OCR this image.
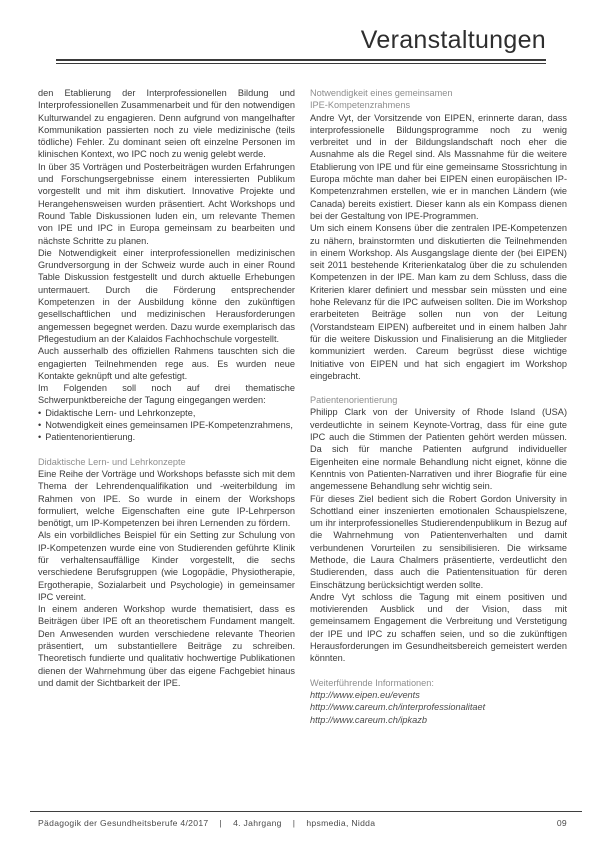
Veranstaltungen

den Etablierung der Interprofessionellen Bildung und Interprofessionellen Zusammenarbeit und für den notwendigen Kulturwandel zu engagieren. Denn aufgrund von mangelhafter Kommunikation passierten noch zu viele medizinische (teils tödliche) Fehler. Zu dominant seien oft einzelne Personen im klinischen Kontext, wo IPC noch zu wenig gelebt werde.

In über 35 Vorträgen und Posterbeiträgen wurden Erfahrungen und Forschungsergebnisse einem interessierten Publikum vorgestellt und mit ihm diskutiert. Innovative Projekte und Herangehensweisen wurden präsentiert. Acht Workshops und Round Table Diskussionen luden ein, um relevante Themen von IPE und IPC in Europa gemeinsam zu bearbeiten und nächste Schritte zu planen.

Die Notwendigkeit einer interprofessionellen medizinischen Grundversorgung in der Schweiz wurde auch in einer Round Table Diskussion festgestellt und durch aktuelle Erhebungen untermauert. Durch die Förderung entsprechender Kompetenzen in der Ausbildung könne den zukünftigen gesellschaftlichen und medizinischen Herausforderungen angemessen begegnet werden. Dazu wurde exemplarisch das Pflegestudium an der Kalaidos Fachhochschule vorgestellt.

Auch ausserhalb des offiziellen Rahmens tauschten sich die engagierten Teilnehmenden rege aus. Es wurden neue Kontakte geknüpft und alte gefestigt.

Im Folgenden soll noch auf drei thematische Schwerpunktbereiche der Tagung eingegangen werden:

• Didaktische Lern- und Lehrkonzepte,
• Notwendigkeit eines gemeinsamen IPE-Kompetenzrahmens,
• Patientenorientierung.
Didaktische Lern- und Lehrkonzepte

Eine Reihe der Vorträge und Workshops befasste sich mit dem Thema der Lehrendenqualifikation und -weiterbildung im Rahmen von IPE. So wurde in einem der Workshops formuliert, welche Eigenschaften eine gute IP-Lehrperson benötigt, um IP-Kompetenzen bei ihren Lernenden zu fördern.

Als ein vorbildliches Beispiel für ein Setting zur Schulung von IP-Kompetenzen wurde eine von Studierenden geführte Klinik für verhaltensauffällige Kinder vorgestellt, die sechs verschiedene Berufsgruppen (wie Logopädie, Physiotherapie, Ergotherapie, Sozialarbeit und Psychologie) in gemeinsamer IPC vereint.

In einem anderen Workshop wurde thematisiert, dass es Beiträgen über IPE oft an theoretischem Fundament mangelt. Den Anwesenden wurden verschiedene relevante Theorien präsentiert, um substantiellere Beiträge zu schreiben. Theoretisch fundierte und qualitativ hochwertige Publikationen dienen der Wahrnehmung über das eigene Fachgebiet hinaus und damit der Sichtbarkeit der IPE.

Notwendigkeit eines gemeinsamen
IPE-Kompetenzrahmens

Andre Vyt, der Vorsitzende von EIPEN, erinnerte daran, dass interprofessionelle Bildungsprogramme noch zu wenig verbreitet und in der Bildungslandschaft noch eher die Ausnahme als die Regel sind. Als Massnahme für die weitere Etablierung von IPE und für eine gemeinsame Stossrichtung in Europa möchte man daher bei EIPEN einen europäischen IP-Kompetenzrahmen erstellen, wie er in manchen Ländern (wie Canada) bereits existiert. Dieser kann als ein Kompass dienen bei der Gestaltung von IPE-Programmen.

Um sich einem Konsens über die zentralen IPE-Kompetenzen zu nähern, brainstormten und diskutierten die Teilnehmenden in einem Workshop. Als Ausgangslage diente der (bei EIPEN) seit 2011 bestehende Kriterienkatalog über die zu schulenden Kompetenzen in der IPE. Man kam zu dem Schluss, dass die Kriterien klarer definiert und messbar sein müssten und eine hohe Relevanz für die IPC aufweisen sollten. Die im Workshop erarbeiteten Beiträge sollen nun von der Leitung (Vorstandsteam EIPEN) aufbereitet und in einem halben Jahr für die weitere Diskussion und Finalisierung an die Mitglieder kommuniziert werden. Careum begrüsst diese wichtige Initiative von EIPEN und hat sich engagiert im Workshop eingebracht.

Patientenorientierung

Philipp Clark von der University of Rhode Island (USA) verdeutlichte in seinem Keynote-Vortrag, dass für eine gute IPC auch die Stimmen der Patienten gehört werden müssen. Da sich für manche Patienten aufgrund individueller Eigenheiten eine normale Behandlung nicht eignet, könne die Kenntnis von Patienten-Narrativen und ihrer Biografie für eine angemessene Behandlung sehr wichtig sein.

Für dieses Ziel bedient sich die Robert Gordon University in Schottland einer inszenierten emotionalen Schauspielszene, um ihr interprofessionelles Studierendenpublikum in Bezug auf die Wahrnehmung von Patientenverhalten und damit verbundenen Vorurteilen zu sensibilisieren. Die wirksame Methode, die Laura Chalmers präsentierte, verdeutlicht den Studierenden, dass auch die Patientensituation für deren Einschätzung berücksichtigt werden sollte.

Andre Vyt schloss die Tagung mit einem positiven und motivierenden Ausblick und der Vision, dass mit gemeinsamem Engagement die Verbreitung und Verstetigung der IPE und IPC zu schaffen seien, und so die zukünftigen Herausforderungen im Gesundheitsbereich gemeistert werden könnten.

Weiterführende Informationen:
http://www.eipen.eu/events
http://www.careum.ch/interprofessionalitaet
http://www.careum.ch/ipkazb
Pädagogik der Gesundheitsberufe 4/2017 | 4. Jahrgang | hpsmedia, Nidda	09
